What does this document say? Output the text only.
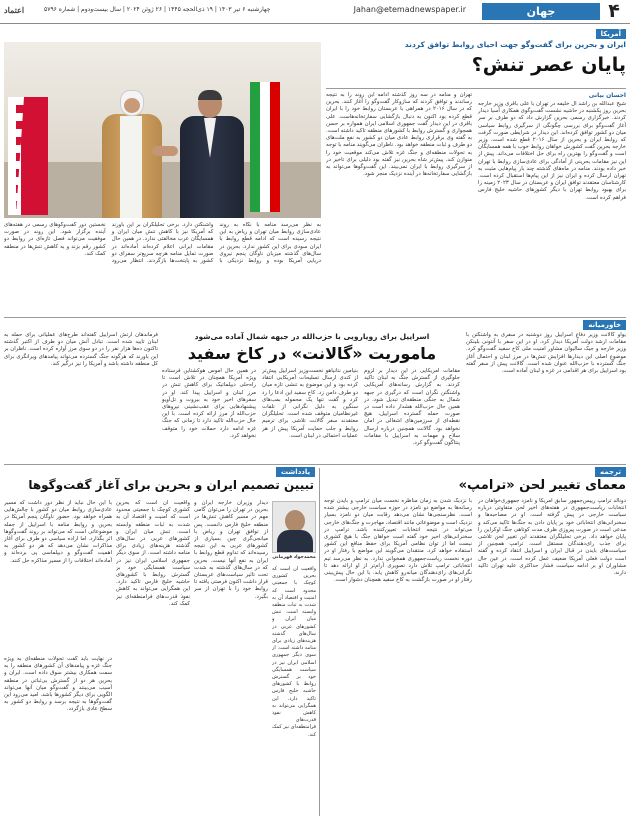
۴
جهان
Jahan@etemadnewspaper.ir
چهارشنبه ۶ تیر ۱۴۰۳ | ۱۹ ذی‌الحجه ۱۴۴۵ | ۲۶ ژوئن ۲۰۲۴ | سال بیست‌ودوم | شماره ۵۷۹۶
اعتماد
آمریکا
ایران و بحرین برای گفت‌وگو جهت احیای روابط توافق کردند
پایان عصر تنش؟
احسان بیانی
شیخ عبدالله بن راشد آل خلیفه در تهران با علی باقری وزیر خارجه بحرین روز یکشنبه در حاشیه نشست گفت‌وگوی همکاری آسیا دیدار کردند. خبرگزاری رسمی بحرین گزارش داد که دو طرف بر سر آغاز گفت‌وگو برای بررسی چگونگی از سرگیری روابط سیاسی میان دو کشور توافق کرده‌اند. این دیدار در شرایطی صورت گرفت که روابط ایران و بحرین از سال ۲۰۱۶ قطع شده است. وزیر خارجه بحرین گفت کشورش خواهان روابط خوب با همه همسایگان است و گفت‌وگو را بهترین راه برای حل اختلافات می‌داند. پیش از این نیز مقامات بحرینی از آمادگی برای عادی‌سازی روابط با تهران خبر داده بودند. منامه در ماه‌های گذشته چند بار پیام‌هایی مثبت به تهران ارسال کرده و ایران نیز از این پیام‌ها استقبال کرده است. کارشناسان معتقدند توافق ایران و عربستان در سال ۲۰۲۳ زمینه را برای بهبود روابط تهران با دیگر کشورهای حاشیه خلیج فارس فراهم کرده است.
تهران و منامه در سه روز گذشته ادامه این روند را به نتیجه رساندند و توافق کردند که سازوکار گفت‌وگو را آغاز کنند. بحرین که در سال ۲۰۱۶ در همراهی با عربستان روابط خود را با ایران قطع کرده بود اکنون به دنبال بازگشایی سفارتخانه‌هاست. علی باقری در این دیدار گفت جمهوری اسلامی ایران همواره بر حسن همجواری و گسترش روابط با کشورهای منطقه تاکید داشته است. به گفته وی برقراری روابط عادی میان دو کشور به نفع ملت‌های دو طرف و ثبات منطقه خواهد بود. ناظران می‌گویند منامه با توجه به تحولات منطقه‌ای و جنگ غزه تلاش می‌کند موقعیت خود را متوازن کند. پیش‌تر شاه بحرین نیز گفته بود دلیلی برای تاخیر در از سرگیری روابط با ایران نمی‌بیند. این گفت‌وگوها می‌تواند به بازگشایی سفارتخانه‌ها در آینده نزدیک منجر شود.
به نظر می‌رسد منامه با نگاه به روند عادی‌سازی روابط میان تهران و ریاض به این نتیجه رسیده است که ادامه قطع روابط با ایران سودی برای این کشور ندارد. بحرین در سال‌های گذشته میزبان ناوگان پنجم نیروی دریایی آمریکا بوده و روابط نزدیکی با واشنگتن دارد. برخی تحلیلگران بر این باورند که آمریکا نیز با کاهش تنش میان ایران و همسایگان عرب مخالفتی ندارد. در همین حال مقامات ایرانی اعلام کرده‌اند آماده‌اند در صورت تمایل منامه هرچه سریع‌تر سفرای دو کشور به پایتخت‌ها بازگردند. انتظار می‌رود نخستین دور گفت‌وگوهای رسمی در هفته‌های آینده برگزار شود. این روند در صورت موفقیت می‌تواند فصل تازه‌ای در روابط دو کشور رقم بزند و به کاهش تنش‌ها در منطقه کمک کند.
خاورمیانه
اسراییل برای رویارویی با حزب‌الله در جبهه شمال آماده می‌شود
ماموریت «گالانت» در کاخ سفید
یوآو گالانت وزیر دفاع اسراییل روز دوشنبه در سفری به واشنگتن با مقامات ارشد دولت آمریکا دیدار کرد. او در این سفر با آنتونی بلینکن وزیر خارجه و جیک سالیوان مشاور امنیت ملی کاخ سفید گفت‌وگو کرد. موضوع اصلی این دیدارها افزایش تنش‌ها در مرز لبنان و احتمال آغاز جنگ گسترده با حزب‌الله عنوان شده است. گالانت پیش از سفر گفته بود اسراییل برای هر اقدامی در غزه و لبنان آماده است.
مقامات آمریکایی در این دیدار بر لزوم جلوگیری از گسترش جنگ به لبنان تاکید کردند. به گزارش رسانه‌های آمریکایی واشنگتن نگران است که درگیری در جبهه شمال به جنگی منطقه‌ای تبدیل شود. در همین حال حزب‌الله هشدار داده است در صورت حمله گسترده اسراییل، هیچ نقطه‌ای از سرزمین‌های اشغالی در امان نخواهد بود. گالانت همچنین درباره ارسال سلاح و مهمات به اسراییل با مقامات پنتاگون گفت‌وگو کرد.
بنیامین نتانیاهو نخست‌وزیر اسراییل پیش‌تر از کندی ارسال تسلیحات آمریکایی انتقاد کرده بود و این موضوع به تنشی تازه میان دو طرف دامن زد. کاخ سفید این ادعا را رد کرد و گفت تنها یک محموله بمب‌های سنگین به دلیل نگرانی از تلفات غیرنظامیان متوقف شده است. تحلیلگران معتقدند سفر گالانت تلاشی برای ترمیم روابط و جلب حمایت آمریکا پیش از هر عملیات احتمالی در لبنان است.
در همین حال آموس هوکشتاین فرستاده ویژه آمریکا همچنان در تلاش است تا راه‌حلی دیپلماتیک برای کاهش تنش در مرز لبنان و اسراییل پیدا کند. او در سفرهای اخیر خود به بیروت و تل‌آویو پیشنهادهایی برای عقب‌نشینی نیروهای حزب‌الله از مرز ارائه کرده است. با این حال حزب‌الله تاکید دارد تا زمانی که جنگ غزه ادامه دارد حملات خود را متوقف نخواهد کرد.
فرماندهان ارتش اسراییل گفته‌اند طرح‌های عملیاتی برای حمله به لبنان تایید شده است. تبادل آتش میان دو طرف از اکتبر گذشته تاکنون ده‌ها هزار نفر را در دو سوی مرز آواره کرده است. ناظران بر این باورند که هرگونه جنگ گسترده می‌تواند پیامدهای ویرانگری برای کل منطقه داشته باشد و آمریکا را نیز درگیر کند.
ترجمه
معمای تغییر لحن «ترامپ»
دونالد ترامپ رییس‌جمهور سابق آمریکا و نامزد جمهوری‌خواهان در انتخابات ریاست‌جمهوری در هفته‌های اخیر لحن متفاوتی درباره سیاست خارجی در پیش گرفته است. او در مصاحبه‌ها و سخنرانی‌های انتخاباتی خود بر پایان دادن به جنگ‌ها تاکید می‌کند و مدعی است در صورت پیروزی ظرف مدت کوتاهی جنگ اوکراین را پایان خواهد داد. برخی تحلیلگران معتقدند این تغییر لحن تلاشی برای جذب رای‌دهندگان مستقل است. ترامپ همچنین از سیاست‌های بایدن در قبال ایران و اسراییل انتقاد کرده و گفته است دولت فعلی آمریکا ضعیف عمل کرده است. در عین حال مشاوران او بر ادامه سیاست فشار حداکثری علیه تهران تاکید دارند.
با نزدیک شدن به زمان مناظره نخست میان ترامپ و بایدن توجه رسانه‌ها به مواضع دو نامزد در حوزه سیاست خارجی بیشتر شده است. نظرسنجی‌ها نشان می‌دهد رقابت میان دو نامزد بسیار نزدیک است و موضوعاتی مانند اقتصاد، مهاجرت و جنگ‌های خارجی می‌تواند در نتیجه انتخابات تعیین‌کننده باشد. ترامپ در سخنرانی‌های اخیر خود گفته است خواهان جنگ با هیچ کشوری نیست اما از توان نظامی آمریکا برای حفظ منافع این کشور استفاده خواهد کرد. منتقدان می‌گویند این مواضع با رفتار او در دوره نخست ریاست‌جمهوری همخوانی ندارد. به نظر می‌رسد تیم انتخاباتی ترامپ تلاش دارد تصویری آرام‌تر از او ارائه دهد تا نگرانی‌های رای‌دهندگان میانه‌رو کاهش یابد. با این حال پیش‌بینی رفتار او در صورت بازگشت به کاخ سفید همچنان دشوار است.
یادداشت
تبیین تصمیم ایران و بحرین برای آغاز گفت‌وگوها
محمدجواد قهرمانی
دیدار وزیران خارجه ایران و بحرین در تهران را می‌توان گامی مهم در مسیر کاهش تنش‌ها در منطقه خلیج فارس دانست. پس از توافق تهران و ریاض با میانجی‌گری چین بسیاری از کشورهای عربی به این نتیجه رسیده‌اند که تداوم قطع روابط با ایران به نفع آنها نیست. بحرین که در سال‌های گذشته به شدت تحت تاثیر سیاست‌های عربستان قرار داشت اکنون فرصتی یافته تا روابط خود را با تهران از سر بگیرد.
واقعیت آن است که بحرین کشوری کوچک با جمعیتی محدود است که امنیت و اقتصاد آن به شدت به ثبات منطقه وابسته است. تنش میان ایران و کشورهای عربی در سال‌های گذشته هزینه‌های زیادی برای منامه داشته است. از سوی دیگر جمهوری اسلامی ایران نیز در سیاست همسایگی خود بر گسترش روابط با کشورهای حاشیه خلیج فارس تاکید دارد. این همگرایی می‌تواند به کاهش نفوذ قدرت‌های فرامنطقه‌ای نیز کمک کند.
با این حال نباید از نظر دور داشت که مسیر عادی‌سازی روابط میان دو کشور با چالش‌هایی همراه خواهد بود. حضور ناوگان پنجم آمریکا در بحرین و روابط منامه با اسراییل از جمله موضوعاتی است که می‌تواند بر روند گفت‌وگوها اثر بگذارد. اما اراده سیاسی دو طرف برای آغاز مذاکرات نشان می‌دهد که هر دو کشور به اهمیت گفت‌وگو و دیپلماسی پی برده‌اند و آماده‌اند اختلافات را از مسیر مذاکره حل کنند.
در نهایت باید گفت تحولات منطقه‌ای به ویژه جنگ غزه و پیامدهای آن کشورهای منطقه را به سمت همکاری بیشتر سوق داده است. ایران و بحرین هر دو از گسترش بی‌ثباتی در منطقه آسیب می‌بینند و گفت‌وگو میان آنها می‌تواند الگویی برای دیگر کشورها باشد. امید می‌رود این گفت‌وگوها به نتیجه برسد و روابط دو کشور به سطح عادی بازگردد.
واقعیت آن است که بحرین کشوری کوچک با جمعیتی محدود است که امنیت و اقتصاد آن به شدت به ثبات منطقه وابسته است. تنش میان ایران و کشورهای عربی در سال‌های گذشته هزینه‌های زیادی برای منامه داشته است. از سوی دیگر جمهوری اسلامی ایران نیز در سیاست همسایگی خود بر گسترش روابط با کشورهای حاشیه خلیج فارس تاکید دارد. این همگرایی می‌تواند به کاهش نفوذ قدرت‌های فرامنطقه‌ای نیز کمک کند.
